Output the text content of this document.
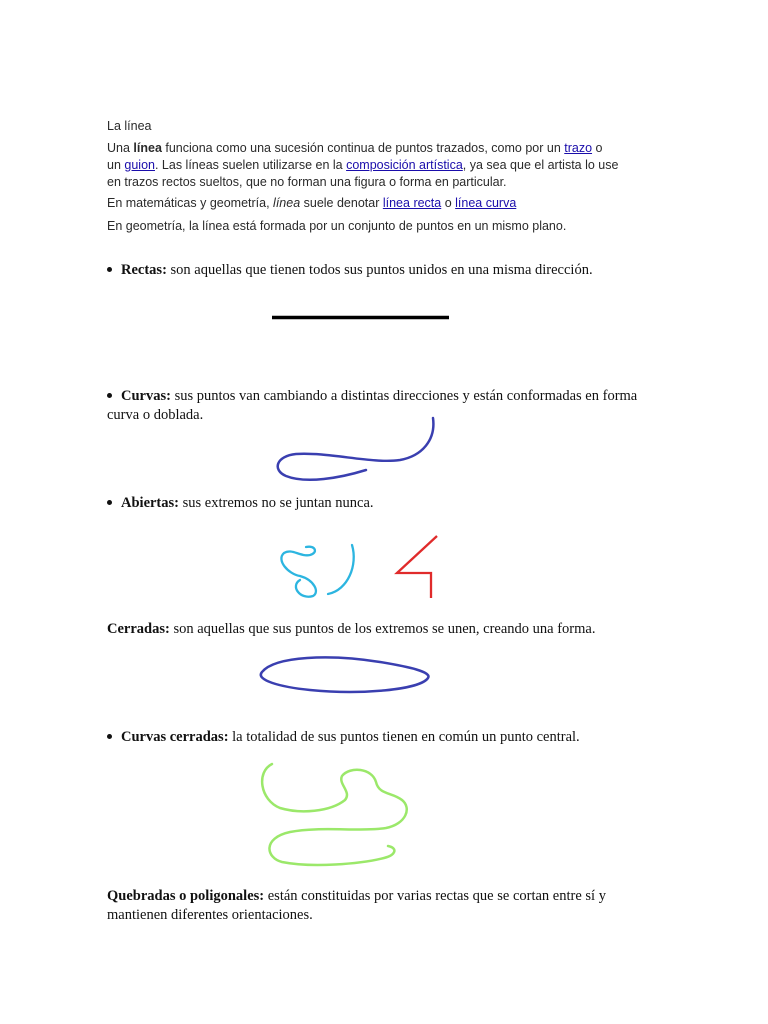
La línea
Una línea funciona como una sucesión continua de puntos trazados, como por un trazo o
un guion. Las líneas suelen utilizarse en la composición artística, ya sea que el artista lo use
en trazos rectos sueltos, que no forman una figura o forma en particular.
En matemáticas y geometría, línea suele denotar línea recta o línea curva
En geometría, la línea está formada por un conjunto de puntos en un mismo plano.
Rectas: son aquellas que tienen todos sus puntos unidos en una misma dirección.
Curvas: sus puntos van cambiando a distintas direcciones y están conformadas en forma
curva o doblada.
Abiertas: sus extremos no se juntan nunca.
Cerradas: son aquellas que sus puntos de los extremos se unen, creando una forma.
Curvas cerradas: la totalidad de sus puntos tienen en común un punto central.
Quebradas o poligonales: están constituidas por varias rectas que se cortan entre sí y
mantienen diferentes orientaciones.
